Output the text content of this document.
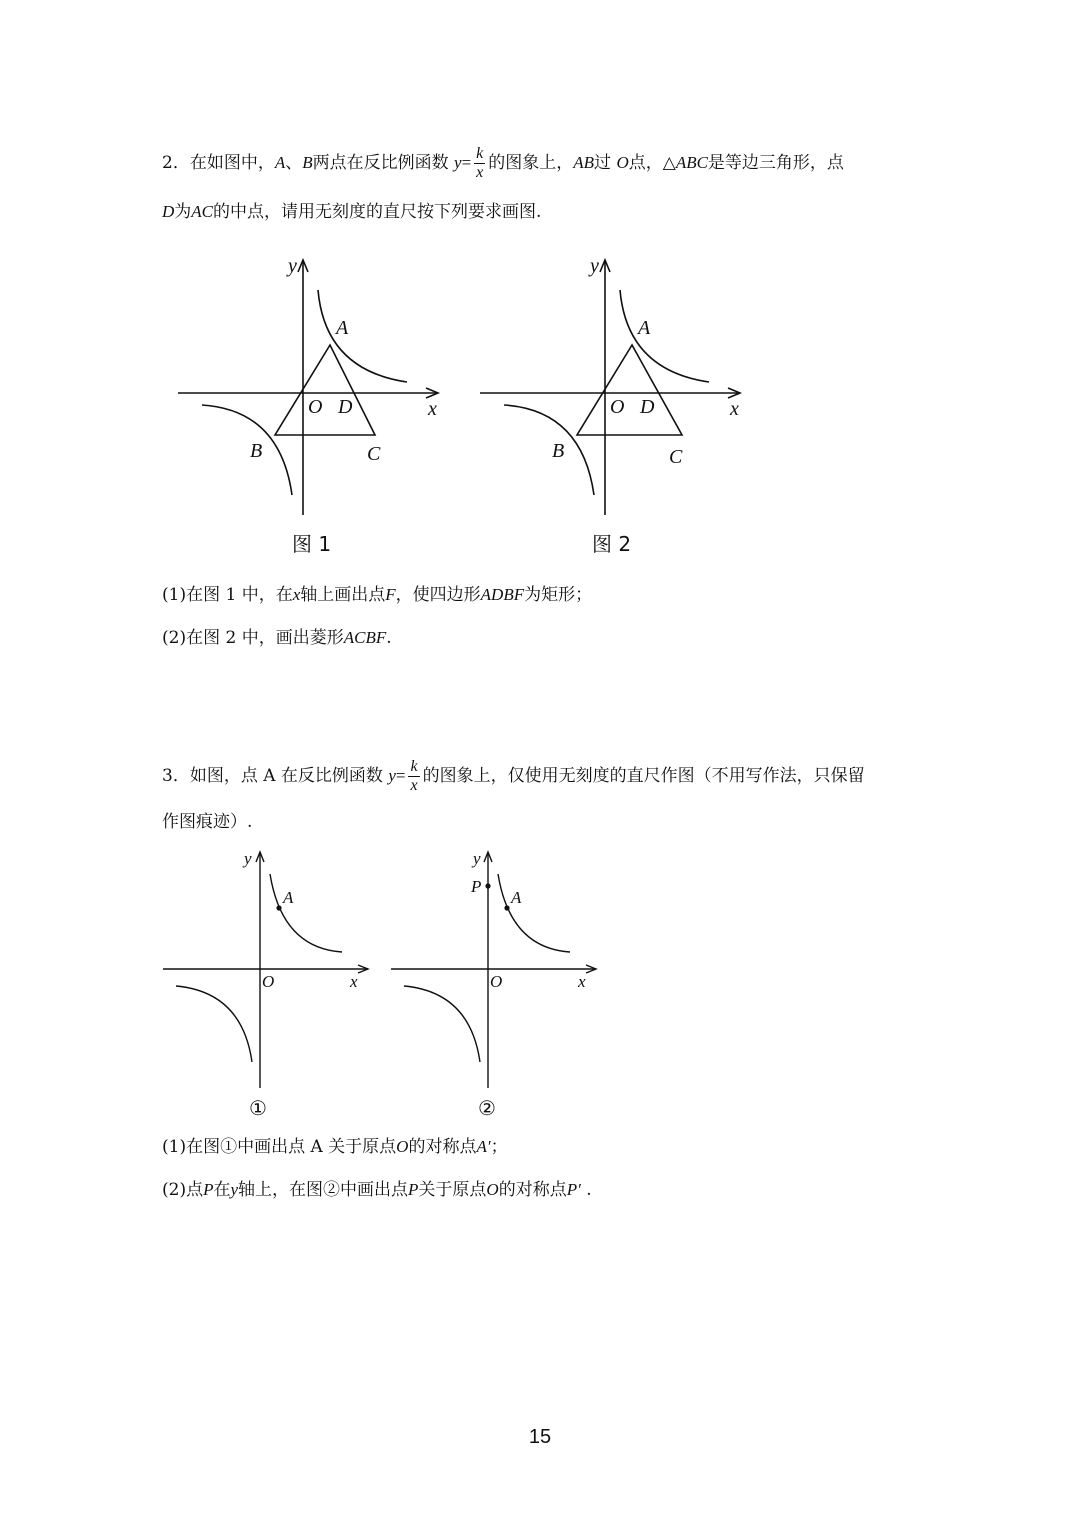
2．在如图中，A、B两点在反比例函数 $y= \frac{k}{x}$ 的图象上，AB过 O点，△ABC是等边三角形，点
D为AC的中点，请用无刻度的直尺按下列要求画图.
y
x
A
O D
B	C
图 1
y
x
A
O D
B	C
图 2
(1)在图 1 中，在x轴上画出点F，使四边形ADBF为矩形；
(2)在图 2 中，画出菱形ACBF.
3．如图，点 A 在反比例函数 $y= \frac{k}{x}$ 的图象上，仅使用无刻度的直尺作图（不用写作法，只保留
作图痕迹）.
y
x
A
O
①
y
x
A
O
P
②
(1)在图①中画出点 A 关于原点O的对称点A′；
(2)点P在y轴上，在图②中画出点P关于原点O的对称点P′ .
15
